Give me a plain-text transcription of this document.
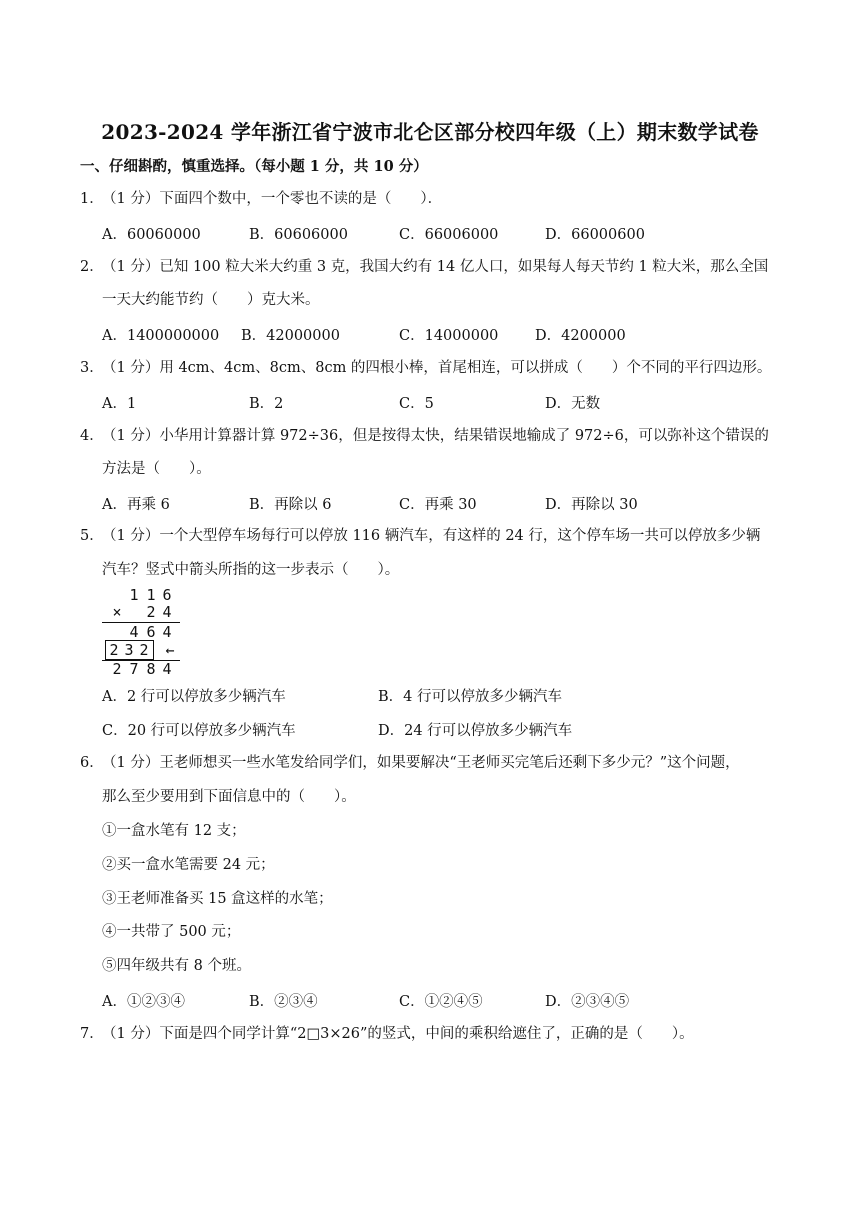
2023-2024 学年浙江省宁波市北仑区部分校四年级（上）期末数学试卷
一、仔细斟酌，慎重选择。（每小题 1 分，共 10 分）
1．（1 分）下面四个数中，一个零也不读的是（　　）．
A．60060000	B．60606000	C．66006000	D．66000600
2．（1 分）已知 100 粒大米大约重 3 克，我国大约有 14 亿人口，如果每人每天节约 1 粒大米，那么全国
一天大约能节约（　　）克大米。
A．1400000000 B．42000000	C．14000000	D．4200000
3．（1 分）用 4cm、4cm、8cm、8cm 的四根小棒，首尾相连，可以拼成（　　）个不同的平行四边形。
A．1	B．2	C．5	D．无数
4．（1 分）小华用计算器计算 972÷36，但是按得太快，结果错误地输成了 972÷6，可以弥补这个错误的
方法是（　　）。
A．再乘 6	B．再除以 6	C．再乘 30	D．再除以 30
5．（1 分）一个大型停车场每行可以停放 116 辆汽车，有这样的 24 行，这个停车场一共可以停放多少辆
汽车？竖式中箭头所指的这一步表示（　　）。
1 1 6
× 2 4
4 6 4
2 3 2	←
2 7 8 4
A．2 行可以停放多少辆汽车	B．4 行可以停放多少辆汽车
C．20 行可以停放多少辆汽车	D．24 行可以停放多少辆汽车
6．（1 分）王老师想买一些水笔发给同学们，如果要解决“王老师买完笔后还剩下多少元？”这个问题，
那么至少要用到下面信息中的（　　）。
①一盒水笔有 12 支；
②买一盒水笔需要 24 元；
③王老师准备买 15 盒这样的水笔；
④一共带了 500 元；
⑤四年级共有 8 个班。
A．①②③④	B．②③④	C．①②④⑤	D．②③④⑤
7．（1 分）下面是四个同学计算“2□3×26”的竖式，中间的乘积给遮住了，正确的是（　　）。
